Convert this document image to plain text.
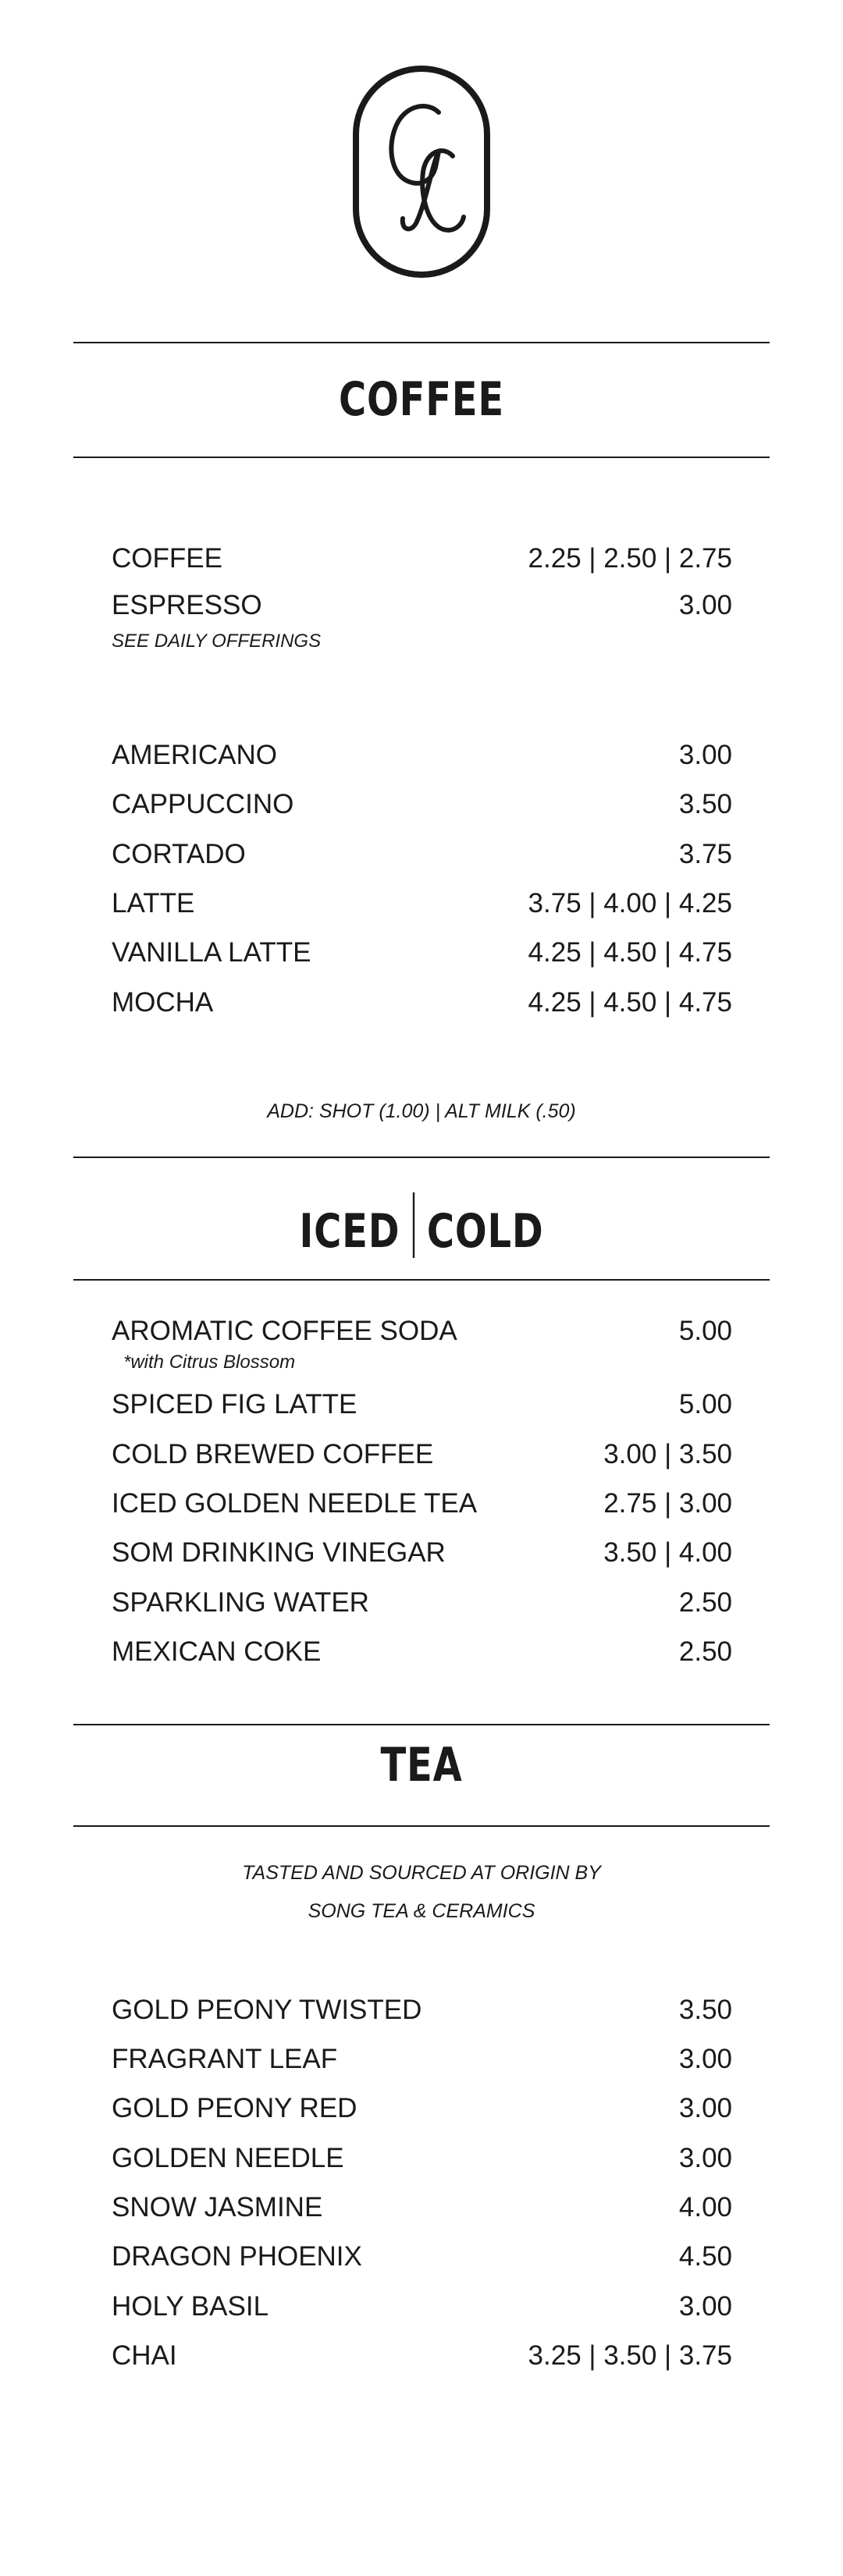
COFFEE
COFFEE	2.25 | 2.50 | 2.75
ESPRESSO	3.00
SEE DAILY OFFERINGS
AMERICANO	3.00
CAPPUCCINO	3.50
CORTADO	3.75
LATTE	3.75 | 4.00 | 4.25
VANILLA LATTE	4.25 | 4.50 | 4.75
MOCHA	4.25 | 4.50 | 4.75
ADD: SHOT (1.00) | ALT MILK (.50)
ICED COLD
AROMATIC COFFEE SODA	5.00
*with Citrus Blossom
SPICED FIG LATTE	5.00
COLD BREWED COFFEE	3.00 | 3.50
ICED GOLDEN NEEDLE TEA	2.75 | 3.00
SOM DRINKING VINEGAR	3.50 | 4.00
SPARKLING WATER	2.50
MEXICAN COKE	2.50
TEA
TASTED AND SOURCED AT ORIGIN BY
SONG TEA & CERAMICS
GOLD PEONY TWISTED	3.50
FRAGRANT LEAF	3.00
GOLD PEONY RED	3.00
GOLDEN NEEDLE	3.00
SNOW JASMINE	4.00
DRAGON PHOENIX	4.50
HOLY BASIL	3.00
CHAI	3.25 | 3.50 | 3.75
